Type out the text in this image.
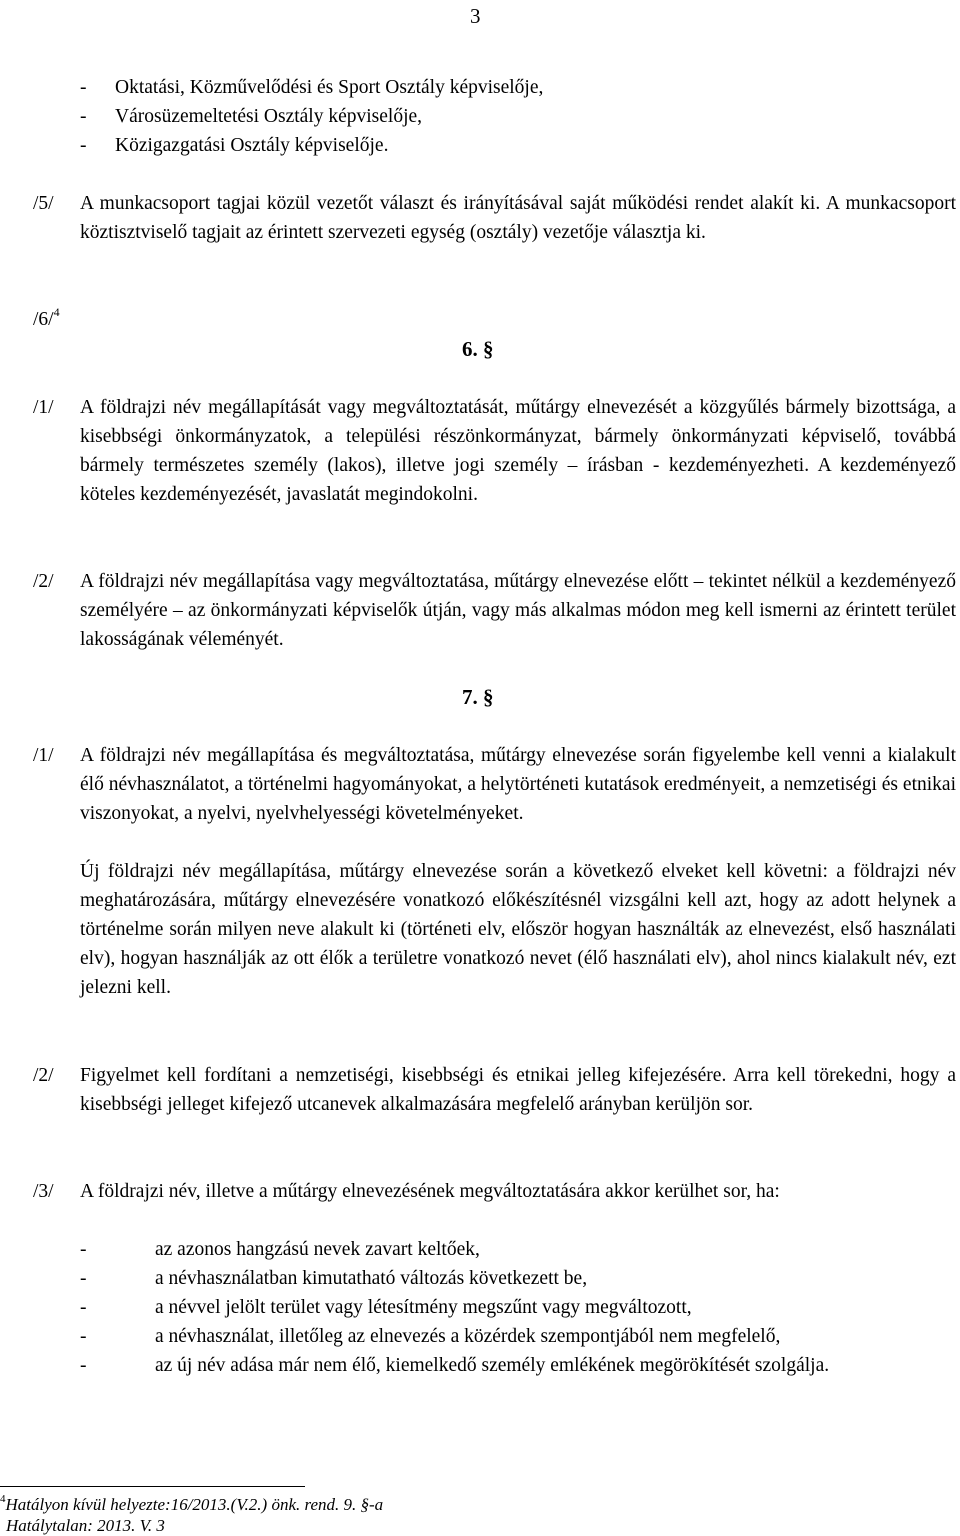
3
- Oktatási, Közművelődési és Sport Osztály képviselője,
- Városüzemeltetési Osztály képviselője,
- Közigazgatási Osztály képviselője.
/5/ A munkacsoport tagjai közül vezetőt választ és irányításával saját működési rendet alakít ki. A munkacsoport köztisztviselő tagjait az érintett szervezeti egység (osztály) vezetője választja ki.
/6/$^4$
6. §
/1/ A földrajzi név megállapítását vagy megváltoztatását, műtárgy elnevezését a közgyűlés bármely bizottsága, a kisebbségi önkormányzatok, a települési részönkormányzat, bármely önkormányzati képviselő, továbbá bármely természetes személy (lakos), illetve jogi személy – írásban - kezdeményezheti. A kezdeményező köteles kezdeményezését, javaslatát megindokolni.
/2/ A földrajzi név megállapítása vagy megváltoztatása, műtárgy elnevezése előtt – tekintet nélkül a kezdeményező személyére – az önkormányzati képviselők útján, vagy más alkalmas módon meg kell ismerni az érintett terület lakosságának véleményét.
7. §
/1/ A földrajzi név megállapítása és megváltoztatása, műtárgy elnevezése során figyelembe kell venni a kialakult élő névhasználatot, a történelmi hagyományokat, a helytörténeti kutatások eredményeit, a nemzetiségi és etnikai viszonyokat, a nyelvi, nyelvhelyességi követelményeket.
Új földrajzi név megállapítása, műtárgy elnevezése során a következő elveket kell követni: a földrajzi név meghatározására, műtárgy elnevezésére vonatkozó előkészítésnél vizsgálni kell azt, hogy az adott helynek a történelme során milyen neve alakult ki (történeti elv, először hogyan használták az elnevezést, első használati elv), hogyan használják az ott élők a területre vonatkozó nevet (élő használati elv), ahol nincs kialakult név, ezt jelezni kell.
/2/ Figyelmet kell fordítani a nemzetiségi, kisebbségi és etnikai jelleg kifejezésére. Arra kell törekedni, hogy a kisebbségi jelleget kifejező utcanevek alkalmazására megfelelő arányban kerüljön sor.
/3/ A földrajzi név, illetve a műtárgy elnevezésének megváltoztatására akkor kerülhet sor, ha:
-	az azonos hangzású nevek zavart keltőek,
-	a névhasználatban kimutatható változás következett be,
-	a névvel jelölt terület vagy létesítmény megszűnt vagy megváltozott,
-	a névhasználat, illetőleg az elnevezés a közérdek szempontjából nem megfelelő,
-	az új név adása már nem élő, kiemelkedő személy emlékének megörökítését szolgálja.
$^4$Hatályon kívül helyezte:16/2013.(V.2.) önk. rend. 9. §-a
Hatálytalan: 2013. V. 3
